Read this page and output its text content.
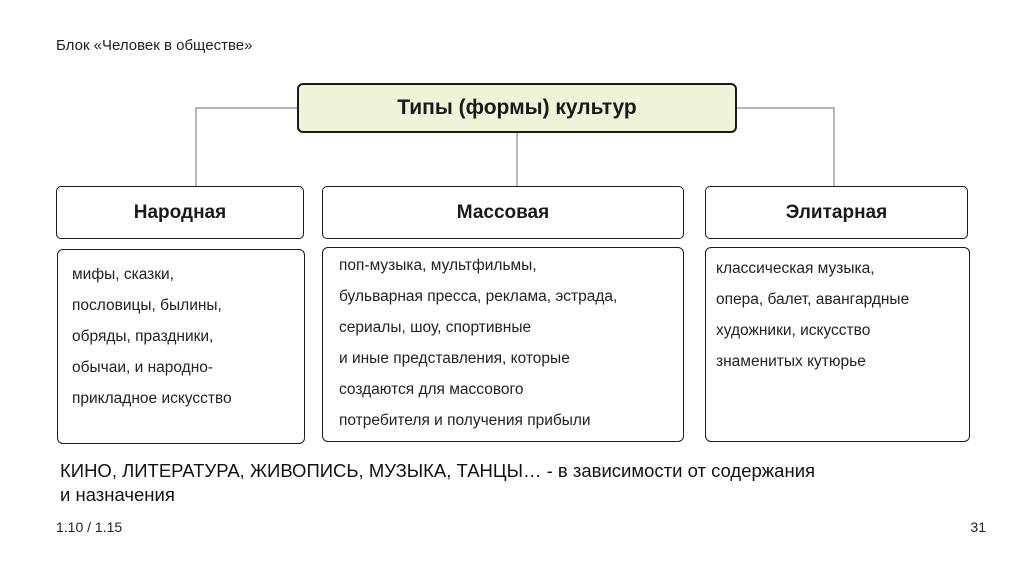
Блок «Человек в обществе»
Типы (формы) культур
Народная
мифы, сказки,
пословицы, былины,
обряды, праздники,
обычаи, и народно-
прикладное искусство
Массовая
поп-музыка, мультфильмы,
бульварная пресса, реклама, эстрада,
сериалы, шоу, спортивные
и иные представления, которые
создаются для массового
потребителя и получения прибыли
Элитарная
классическая музыка,
опера, балет, авангардные
художники, искусство
знаменитых кутюрье
КИНО, ЛИТЕРАТУРА, ЖИВОПИСЬ, МУЗЫКА, ТАНЦЫ… - в зависимости от содержания
и назначения
1.10 / 1.15	31
